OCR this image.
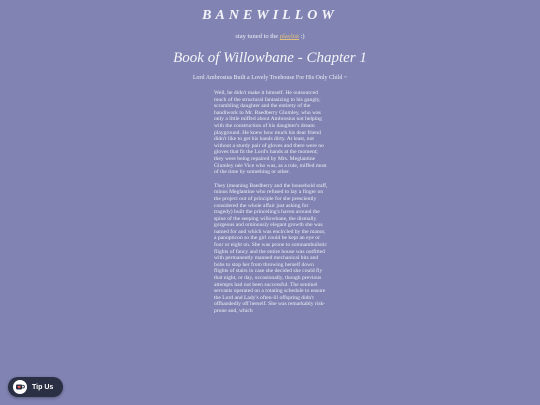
BANEWILLOW
stay tuned to the playlist :)
Book of Willowbane - Chapter 1
Lord Ambrosius Built a Lovely Treehouse For His Only Child ~

Well, he didn't make it himself. He outsourced much of the structural fantasizing to his gangly, scrambling daughter and the entirety of the handiwork to Mr. Baedberry Glumley, who was only a little miffed about Ambrosius not helping with the construction of his daughter's dream playground. He knew how much his dear friend didn't like to get his hands dirty. At least, not without a sturdy pair of gloves and there were no gloves that fit the Lord's hands at the moment; they were being repaired by Mrs. Meglantine Glumley née Vice who was, as a rule, miffed most of the time by something or other.

They (meaning Baedberry and the household staff, minus Meglantine who refused to lay a finger on the project out of principle for she presciently considered the whole affair just asking for tragedy) built the princeling's haven around the spine of the seeping willowbane, the dismally gorgeous and ominously elegant growth she was named for and which was encircled by the manor, a panopticon so the girl could be kept an eye or four or eight on. She was prone to somnambulistic flights of fancy and the entire house was outfitted with permanently manned mechanical bits and bobs to stop her from throwing herself down flights of stairs in case she decided she could fly that night, or day, occasionally, though previous attempts had not been successful. The sentinel servants operated on a rotating schedule to ensure the Lord and Lady's often-ill offspring didn't offhandedly off herself. She was remarkably risk-prone and, which

Tip Us
